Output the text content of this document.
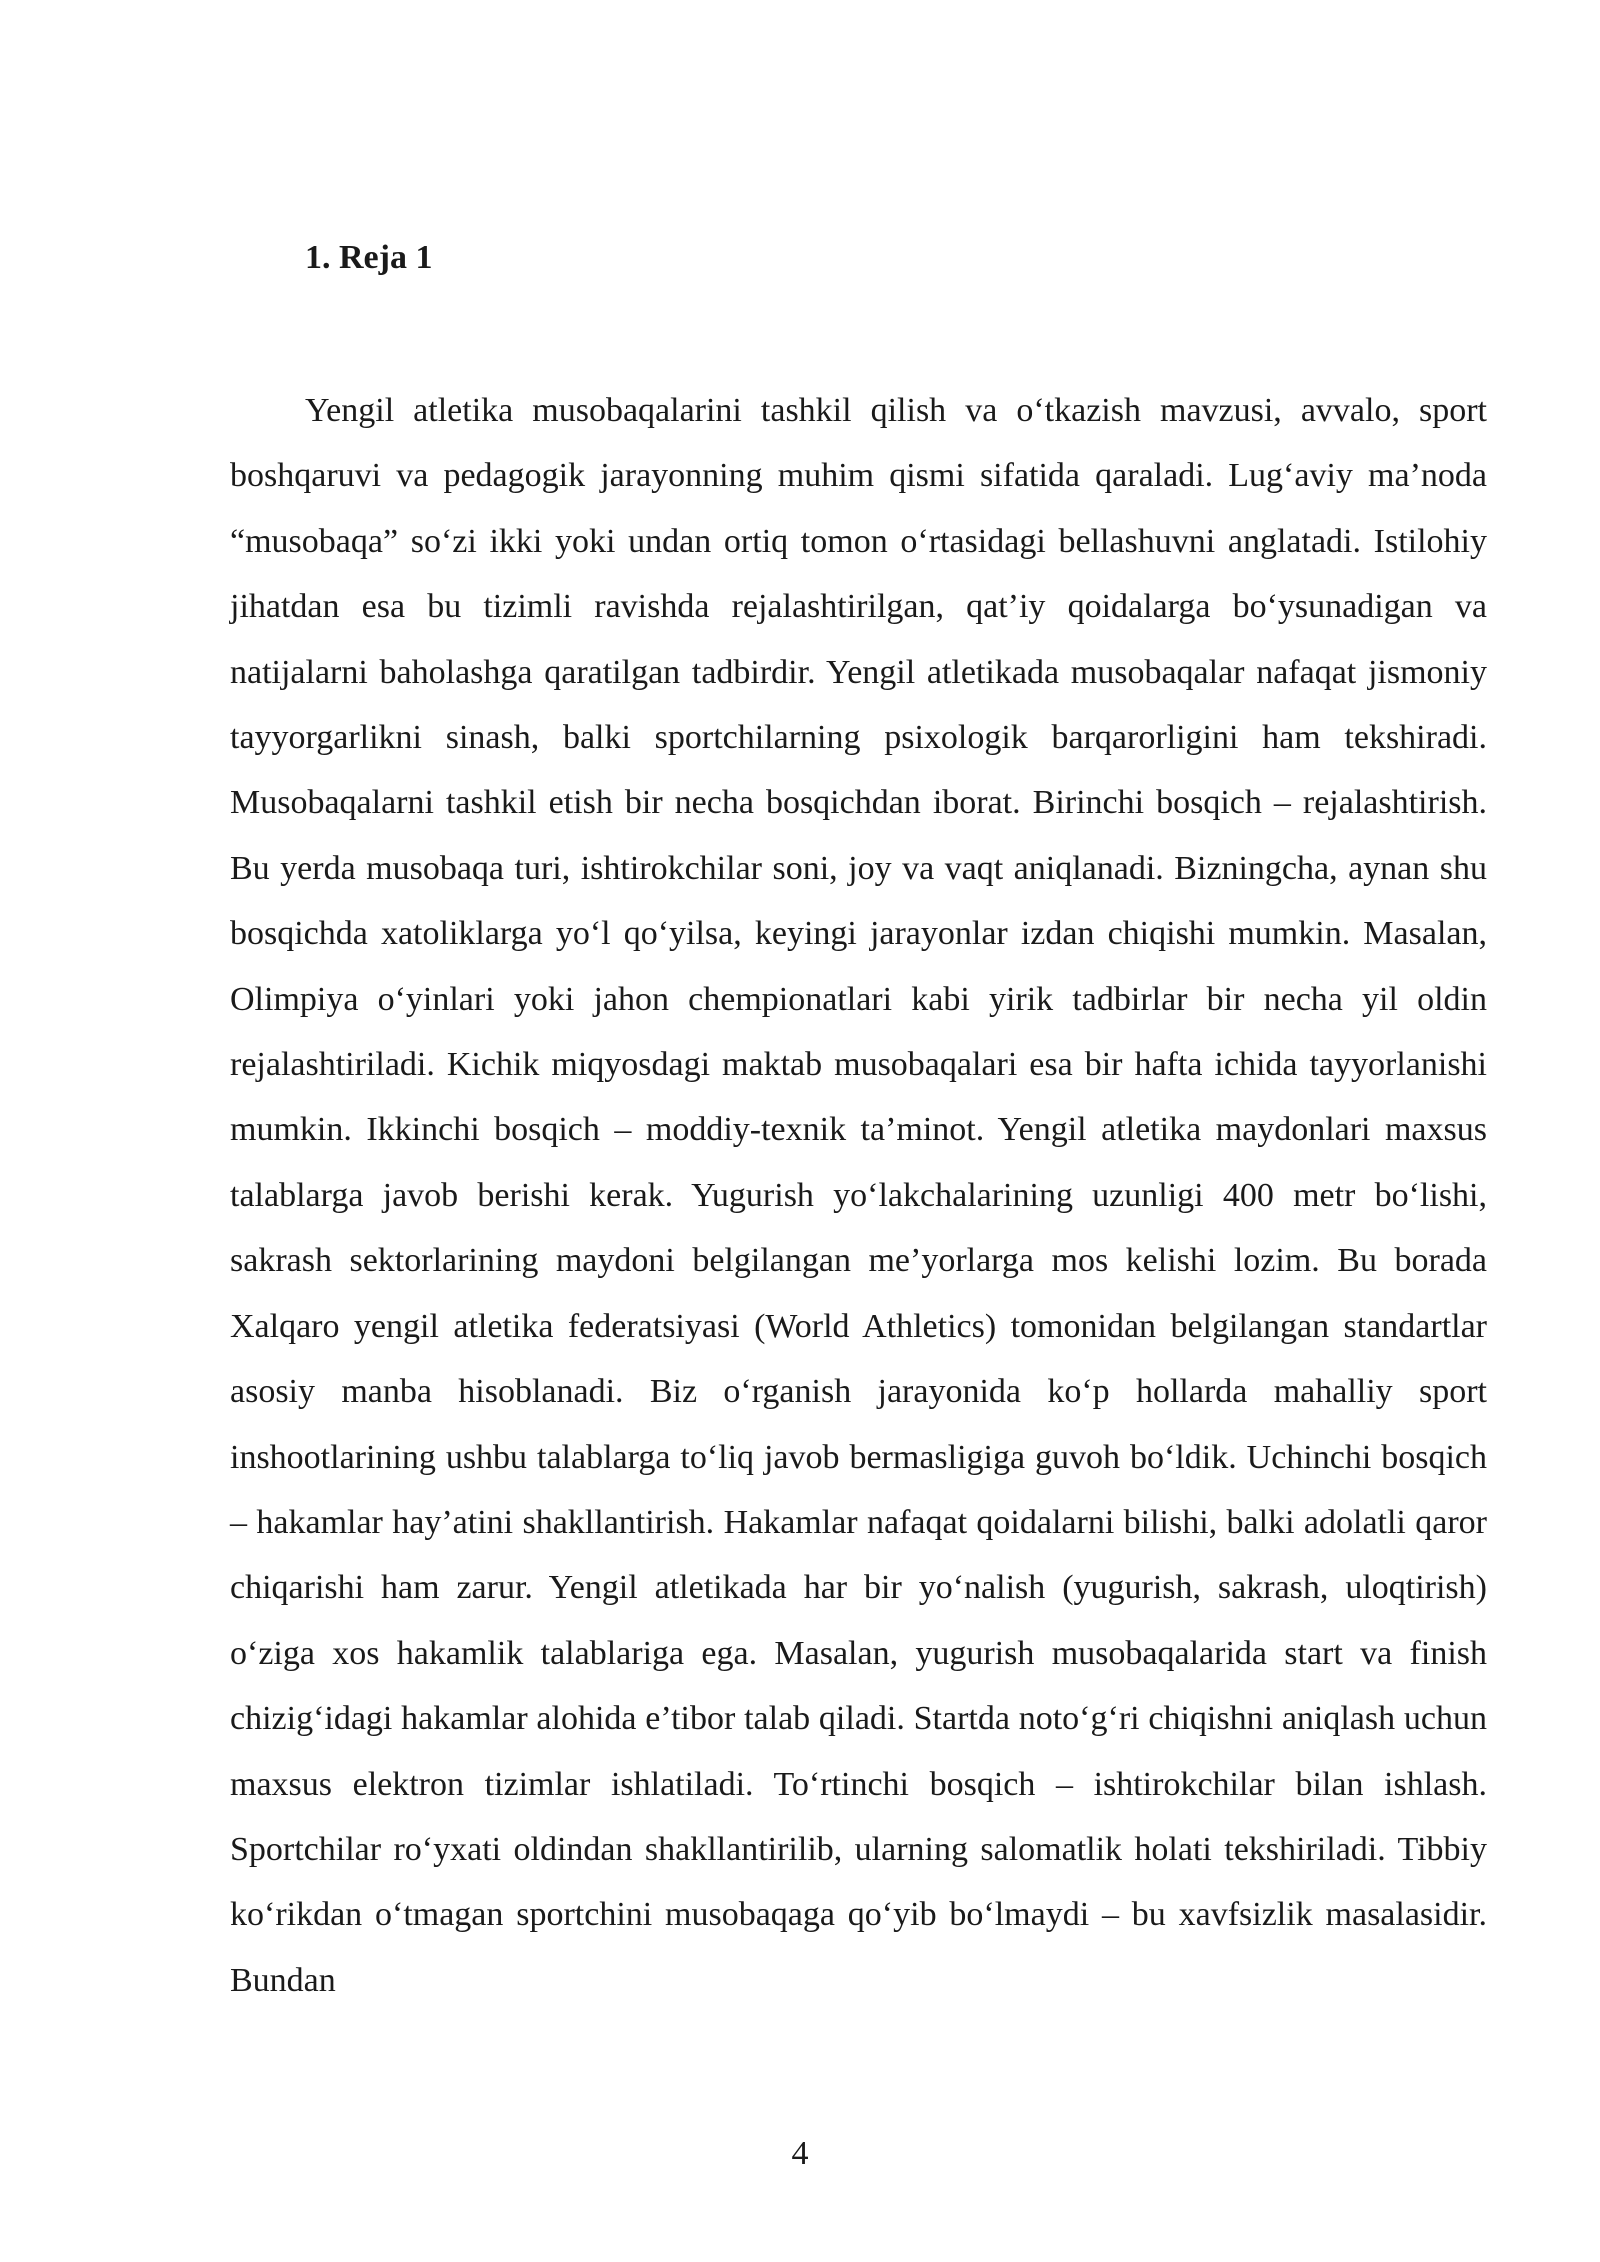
1. Reja 1

Yengil atletika musobaqalarini tashkil qilish va o‘tkazish mavzusi, avvalo, sport boshqaruvi va pedagogik jarayonning muhim qismi sifatida qaraladi. Lug‘aviy ma’noda “musobaqa” so‘zi ikki yoki undan ortiq tomon o‘rtasidagi bellashuvni anglatadi. Istilohiy jihatdan esa bu tizimli ravishda rejalashtirilgan, qat’iy qoidalarga bo‘ysunadigan va natijalarni baholashga qaratilgan tadbirdir. Yengil atletikada musobaqalar nafaqat jismoniy tayyorgarlikni sinash, balki sportchilarning psixologik barqarorligini ham tekshiradi. Musobaqalarni tashkil etish bir necha bosqichdan iborat. Birinchi bosqich – rejalashtirish. Bu yerda musobaqa turi, ishtirokchilar soni, joy va vaqt aniqlanadi. Bizningcha, aynan shu bosqichda xatoliklarga yo‘l qo‘yilsa, keyingi jarayonlar izdan chiqishi mumkin. Masalan, Olimpiya o‘yinlari yoki jahon chempionatlari kabi yirik tadbirlar bir necha yil oldin rejalashtiriladi. Kichik miqyosdagi maktab musobaqalari esa bir hafta ichida tayyorlanishi mumkin. Ikkinchi bosqich – moddiy-texnik ta’minot. Yengil atletika maydonlari maxsus talablarga javob berishi kerak. Yugurish yo‘lakchalarining uzunligi 400 metr bo‘lishi, sakrash sektorlarining maydoni belgilangan me’yorlarga mos kelishi lozim. Bu borada Xalqaro yengil atletika federatsiyasi (World Athletics) tomonidan belgilangan standartlar asosiy manba hisoblanadi. Biz o‘rganish jarayonida ko‘p hollarda mahalliy sport inshootlarining ushbu talablarga to‘liq javob bermasligiga guvoh bo‘ldik. Uchinchi bosqich – hakamlar hay’atini shakllantirish. Hakamlar nafaqat qoidalarni bilishi, balki adolatli qaror chiqarishi ham zarur. Yengil atletikada har bir yo‘nalish (yugurish, sakrash, uloqtirish) o‘ziga xos hakamlik talablariga ega. Masalan, yugurish musobaqalarida start va finish chizig‘idagi hakamlar alohida e’tibor talab qiladi. Startda noto‘g‘ri chiqishni aniqlash uchun maxsus elektron tizimlar ishlatiladi. To‘rtinchi bosqich – ishtirokchilar bilan ishlash. Sportchilar ro‘yxati oldindan shakllantirilib, ularning salomatlik holati tekshiriladi. Tibbiy ko‘rikdan o‘tmagan sportchini musobaqaga qo‘yib bo‘lmaydi – bu xavfsizlik masalasidir. Bundan

4
